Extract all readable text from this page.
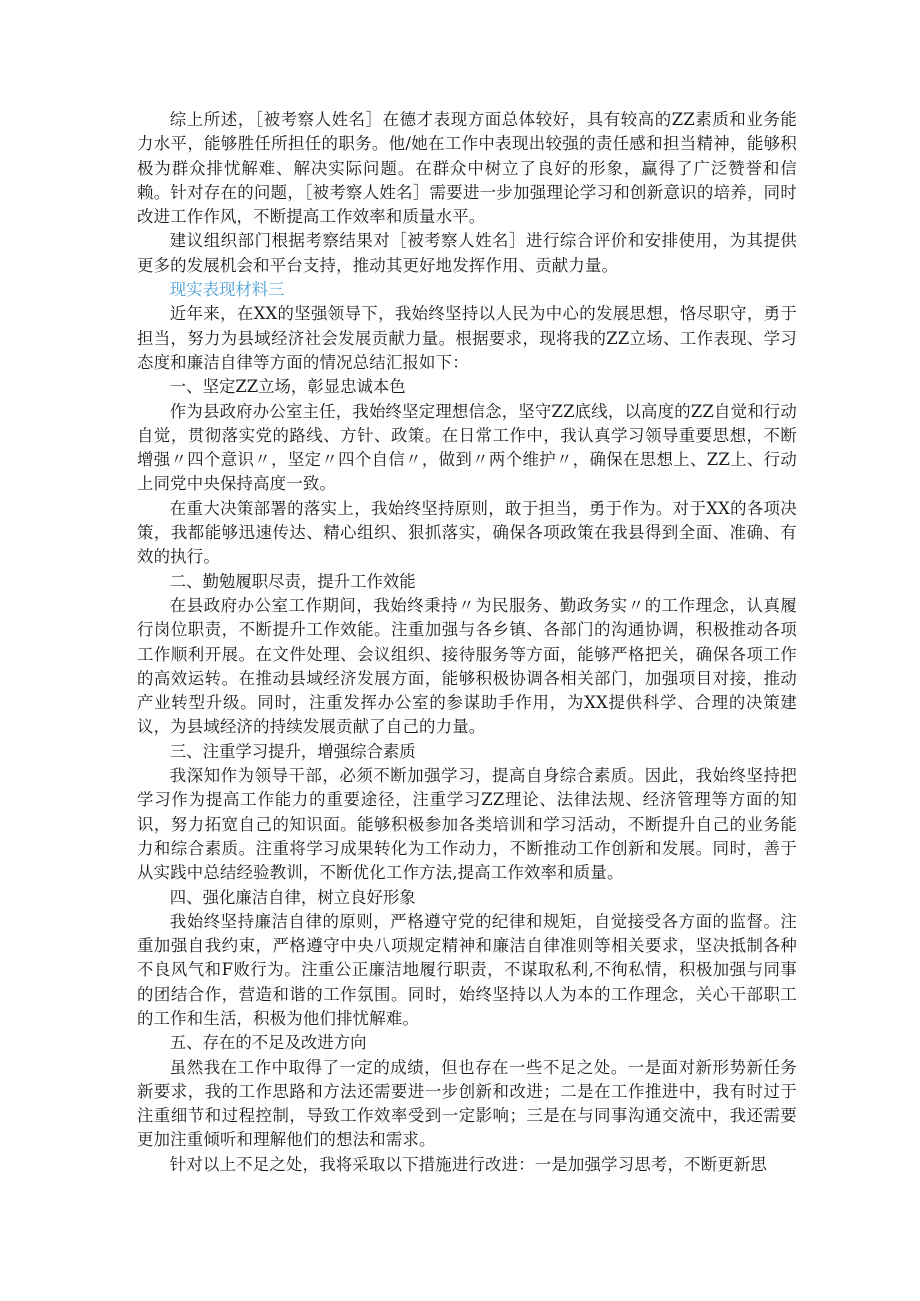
综上所述，［被考察人姓名］在德才表现方面总体较好，具有较高的ZZ素质和业务能力水平，能够胜任所担任的职务。他/她在工作中表现出较强的责任感和担当精神，能够积极为群众排忧解难、解决实际问题。在群众中树立了良好的形象，赢得了广泛赞誉和信赖。针对存在的问题，［被考察人姓名］需要进一步加强理论学习和创新意识的培养，同时改进工作作风，不断提高工作效率和质量水平。

建议组织部门根据考察结果对［被考察人姓名］进行综合评价和安排使用，为其提供更多的发展机会和平台支持，推动其更好地发挥作用、贡献力量。

现实表现材料三

近年来，在XX的坚强领导下，我始终坚持以人民为中心的发展思想，恪尽职守，勇于担当，努力为县域经济社会发展贡献力量。根据要求，现将我的ZZ立场、工作表现、学习态度和廉洁自律等方面的情况总结汇报如下：

一、坚定ZZ立场，彰显忠诚本色

作为县政府办公室主任，我始终坚定理想信念，坚守ZZ底线，以高度的ZZ自觉和行动自觉，贯彻落实党的路线、方针、政策。在日常工作中，我认真学习领导重要思想，不断增强〃四个意识〃，坚定〃四个自信〃，做到〃两个维护〃，确保在思想上、ZZ上、行动上同党中央保持高度一致。

在重大决策部署的落实上，我始终坚持原则，敢于担当，勇于作为。对于XX的各项决策，我都能够迅速传达、精心组织、狠抓落实，确保各项政策在我县得到全面、准确、有效的执行。

二、勤勉履职尽责，提升工作效能

在县政府办公室工作期间，我始终秉持〃为民服务、勤政务实〃的工作理念，认真履行岗位职责，不断提升工作效能。注重加强与各乡镇、各部门的沟通协调，积极推动各项工作顺利开展。在文件处理、会议组织、接待服务等方面，能够严格把关，确保各项工作的高效运转。在推动县域经济发展方面，能够积极协调各相关部门，加强项目对接，推动产业转型升级。同时，注重发挥办公室的参谋助手作用，为XX提供科学、合理的决策建议，为县域经济的持续发展贡献了自己的力量。

三、注重学习提升，增强综合素质

我深知作为领导干部，必须不断加强学习，提高自身综合素质。因此，我始终坚持把学习作为提高工作能力的重要途径，注重学习ZZ理论、法律法规、经济管理等方面的知识，努力拓宽自己的知识面。能够积极参加各类培训和学习活动，不断提升自己的业务能力和综合素质。注重将学习成果转化为工作动力，不断推动工作创新和发展。同时，善于从实践中总结经验教训，不断优化工作方法,提高工作效率和质量。

四、强化廉洁自律，树立良好形象

我始终坚持廉洁自律的原则，严格遵守党的纪律和规矩，自觉接受各方面的监督。注重加强自我约束，严格遵守中央八项规定精神和廉洁自律准则等相关要求，坚决抵制各种不良风气和F败行为。注重公正廉洁地履行职责，不谋取私利,不徇私情，积极加强与同事的团结合作，营造和谐的工作氛围。同时，始终坚持以人为本的工作理念，关心干部职工的工作和生活，积极为他们排忧解难。

五、存在的不足及改进方向

虽然我在工作中取得了一定的成绩，但也存在一些不足之处。一是面对新形势新任务新要求，我的工作思路和方法还需要进一步创新和改进；二是在工作推进中，我有时过于注重细节和过程控制，导致工作效率受到一定影响；三是在与同事沟通交流中，我还需要更加注重倾听和理解他们的想法和需求。

针对以上不足之处，我将采取以下措施进行改进：一是加强学习思考，不断更新思
